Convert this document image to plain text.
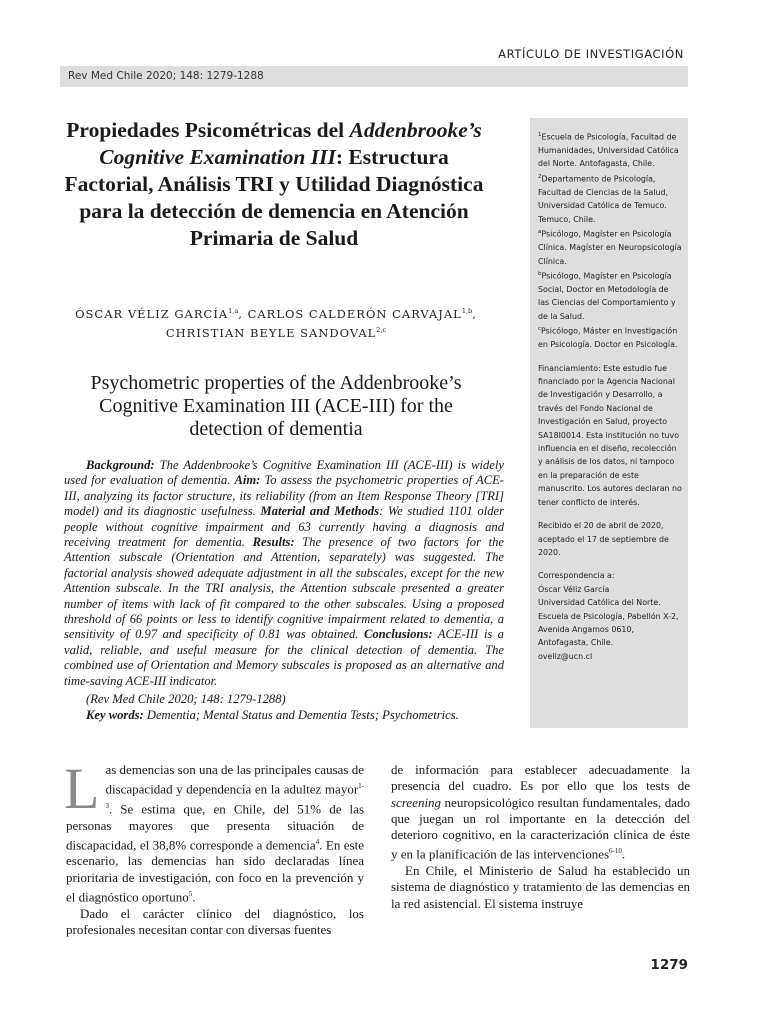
ARTÍCULO DE INVESTIGACIÓN
Rev Med Chile 2020; 148: 1279-1288
Propiedades Psicométricas del Addenbrooke’s Cognitive Examination III: Estructura Factorial, Análisis TRI y Utilidad Diagnóstica para la detección de demencia en Atención Primaria de Salud
ÓSCAR VÉLIZ GARCÍA$^{1,a}$, CARLOS CALDERÓN CARVAJAL$^{1,b}$,
CHRISTIAN BEYLE SANDOVAL$^{2,c}$
Psychometric properties of the Addenbrooke’s Cognitive Examination III (ACE-III) for the detection of dementia

Background: The Addenbrooke’s Cognitive Examination III (ACE-III) is widely used for evaluation of dementia. Aim: To assess the psychometric properties of ACE-III, analyzing its factor structure, its reliability (from an Item Response Theory [TRI] model) and its diagnostic usefulness. Material and Methods: We studied 1101 older people without cognitive impairment and 63 currently having a diagnosis and receiving treatment for dementia. Results: The presence of two factors for the Attention subscale (Orientation and Attention, separately) was suggested. The factorial analysis showed adequate adjustment in all the subscales, except for the new Attention subscale. In the TRI analysis, the Attention subscale presented a greater number of items with lack of fit compared to the other subscales. Using a proposed threshold of 66 points or less to identify cognitive impairment related to dementia, a sensitivity of 0.97 and specificity of 0.81 was obtained. Conclusions: ACE-III is a valid, reliable, and useful measure for the clinical detection of dementia. The combined use of Orientation and Memory subscales is proposed as an alternative and time-saving ACE-III indicator.

(Rev Med Chile 2020; 148: 1279-1288)

Key words: Dementia; Mental Status and Dementia Tests; Psychometrics.

$^1$Escuela de Psicología, Facultad de Humanidades, Universidad Católica del Norte. Antofagasta, Chile.

$^2$Departamento de Psicología, Facultad de Ciencias de la Salud, Universidad Católica de Temuco. Temuco, Chile.

$^a$Psicólogo, Magíster en Psicología Clínica. Magíster en Neuropsicología Clínica.

$^b$Psicólogo, Magíster en Psicología Social, Doctor en Metodología de las Ciencias del Comportamiento y de la Salud.

$^c$Psicólogo, Máster en Investigación en Psicología. Doctor en Psicología.

Financiamiento: Este estudio fue financiado por la Agencia Nacional de Investigación y Desarrollo, a través del Fondo Nacional de Investigación en Salud, proyecto SA18I0014. Esta institución no tuvo influencia en el diseño, recolección y análisis de los datos, ni tampoco en la preparación de este manuscrito. Los autores declaran no tener conflicto de interés.

Recibido el 20 de abril de 2020, aceptado el 17 de septiembre de 2020.

Correspondencia a:

Óscar Véliz García

Universidad Católica del Norte.

Escuela de Psicología, Pabellón X-2, Avenida Angamos 0610, Antofagasta, Chile.

oveliz@ucn.cl

Las demencias son una de las principales causas de discapacidad y dependencia en la adultez mayor$^{1-3}$. Se estima que, en Chile, del 51% de las personas mayores que presenta situación de discapacidad, el 38,8% corresponde a demencia$^4$. En este escenario, las demencias han sido declaradas línea prioritaria de investigación, con foco en la prevención y el diagnóstico oportuno$^5$.

Dado el carácter clínico del diagnóstico, los profesionales necesitan contar con diversas fuentes

de información para establecer adecuadamente la presencia del cuadro. Es por ello que los tests de screening neuropsicológico resultan fundamentales, dado que juegan un rol importante en la detección del deterioro cognitivo, en la caracterización clínica de éste y en la planificación de las intervenciones$^{6-10}$.

En Chile, el Ministerio de Salud ha establecido un sistema de diagnóstico y tratamiento de las demencias en la red asistencial. El sistema instruye

1279
